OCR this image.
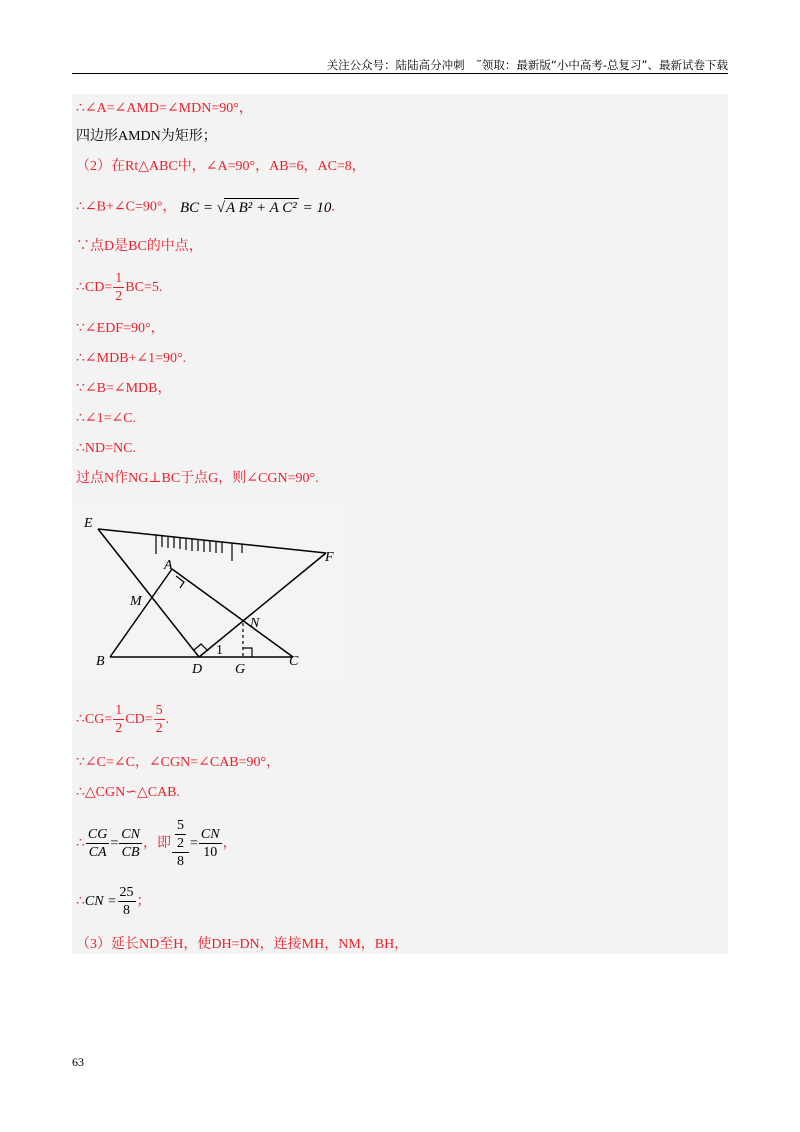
关注公众号：陆陆高分冲刺　˜领取：最新版“小中高考-总复习”、最新试卷下载
∴∠A=∠AMD=∠MDN=90°，
四边形AMDN为矩形；
（2）在Rt△ABC中，∠A=90°，AB=6，AC=8，
∴∠B+∠C=90°， BC = √A B² + A C² = 10.
∵点D是BC的中点，
∴CD= $\frac{1}{2} BC=5$.
∵∠EDF=90°，
∴∠MDB+∠1=90°.
∵∠B=∠MDB，
∴∠1=∠C.
∴ND=NC.
过点N作NG⊥BC于点G，则∠CGN=90°.
∴CG= $\frac{1}{2} CD= \frac{5}{2}$ .
∵∠C=∠C，∠CGN=∠CAB=90°，
∴△CGN∽△CAB.
∴ $\frac{CG}{CA} = \frac{CN}{CB}$ ，即 $\frac{\frac{5}{2}}{8} = \frac{CN}{10}$ ，
∴CN = $\frac{25}{8}$ ；
（3）延长ND至H，使DH=DN，连接MH，NM，BH，
E
F
A
M
N
B
D G
C
1
63
